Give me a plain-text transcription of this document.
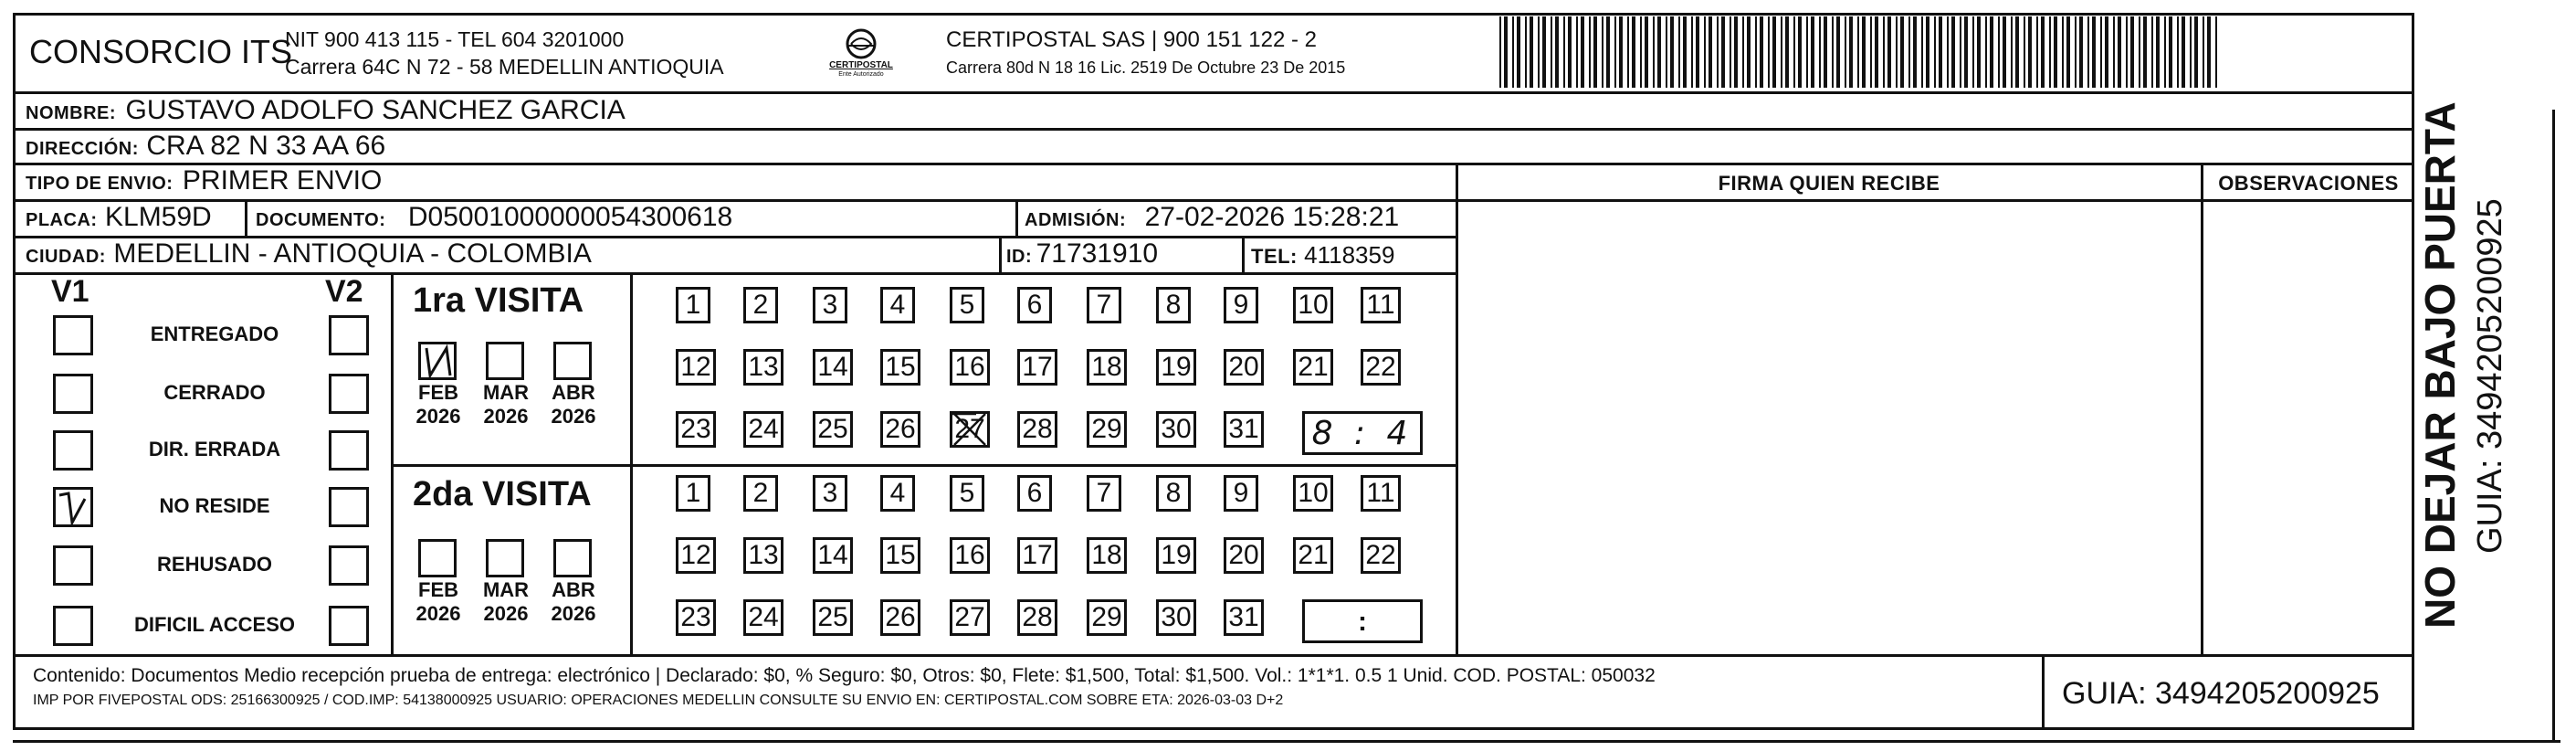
CONSORCIO ITS
NIT 900 413 115 - TEL 604 3201000
Carrera 64C N 72 - 58 MEDELLIN ANTIOQUIA	CERTIPOSTAL
Ente Autorizado
CERTIPOSTAL SAS | 900 151 122 - 2
Carrera 80d N 18 16 Lic. 2519 De Octubre 23 De 2015
NOMBRE: GUSTAVO ADOLFO SANCHEZ GARCIA
DIRECCIÓN: CRA 82 N 33 AA 66
TIPO DE ENVIO: PRIMER ENVIO
PLACA: KLM59D DOCUMENTO: D05001000000054300618	ADMISIÓN: 27-02-2026 15:28:21
CIUDAD: MEDELLIN - ANTIOQUIA - COLOMBIA	ID: 71731910	TEL: 4118359
FIRMA QUIEN RECIBE	OBSERVACIONES
V1	V2
ENTREGADO
CERRADO
DIR. ERRADA
NO RESIDE
REHUSADO
DIFICIL ACCESO
1ra VISITA
FEB
2026
MAR
2026
ABR
2026
1	2	3	4	5	6	7	8	9	10 11
12 13 14 15 16 17 18 19 20 21 22
23 24 25 26 27 28 29 30 31 8 : 4
2da VISITA
FEB
2026
MAR
2026
ABR
2026
1	2	3	4	5	6	7	8	9	10 11
12 13 14 15 16 17 18 19 20 21 22
23 24 25 26 27 28 29 30 31	:
Contenido: Documentos Medio recepción prueba de entrega: electrónico | Declarado: $0, % Seguro: $0, Otros: $0, Flete: $1,500, Total: $1,500. Vol.: 1*1*1. 0.5 1 Unid. COD. POSTAL: 050032
IMP POR FIVEPOSTAL ODS: 25166300925 / COD.IMP: 54138000925 USUARIO: OPERACIONES MEDELLIN CONSULTE SU ENVIO EN: CERTIPOSTAL.COM SOBRE ETA: 2026-03-03 D+2	GUIA: 3494205200925
NO DEJAR BAJO PUERTA GUIA: 3494205200925
